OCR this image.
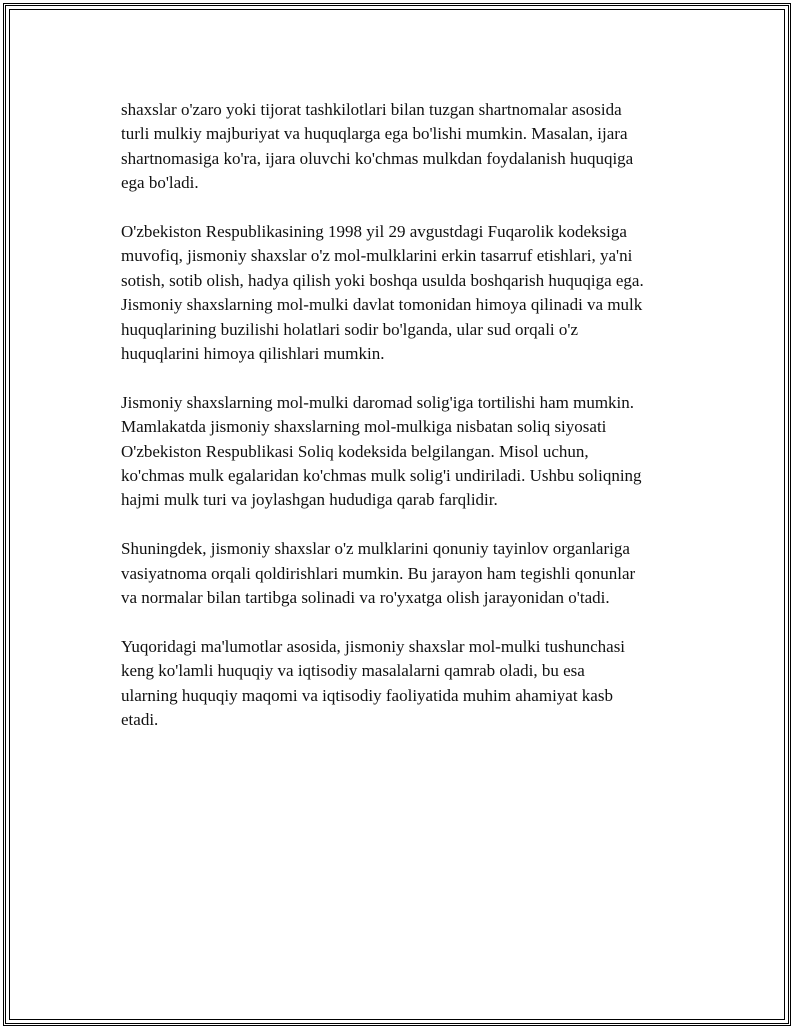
shaxslar o'zaro yoki tijorat tashkilotlari bilan tuzgan shartnomalar asosida
turli mulkiy majburiyat va huquqlarga ega bo'lishi mumkin. Masalan, ijara
shartnomasiga ko'ra, ijara oluvchi ko'chmas mulkdan foydalanish huquqiga
ega bo'ladi.

O'zbekiston Respublikasining 1998 yil 29 avgustdagi Fuqarolik kodeksiga
muvofiq, jismoniy shaxslar o'z mol-mulklarini erkin tasarruf etishlari, ya'ni
sotish, sotib olish, hadya qilish yoki boshqa usulda boshqarish huquqiga ega.
Jismoniy shaxslarning mol-mulki davlat tomonidan himoya qilinadi va mulk
huquqlarining buzilishi holatlari sodir bo'lganda, ular sud orqali o'z
huquqlarini himoya qilishlari mumkin.

Jismoniy shaxslarning mol-mulki daromad solig'iga tortilishi ham mumkin.
Mamlakatda jismoniy shaxslarning mol-mulkiga nisbatan soliq siyosati
O'zbekiston Respublikasi Soliq kodeksida belgilangan. Misol uchun,
ko'chmas mulk egalaridan ko'chmas mulk solig'i undiriladi. Ushbu soliqning
hajmi mulk turi va joylashgan hududiga qarab farqlidir.

Shuningdek, jismoniy shaxslar o'z mulklarini qonuniy tayinlov organlariga
vasiyatnoma orqali qoldirishlari mumkin. Bu jarayon ham tegishli qonunlar
va normalar bilan tartibga solinadi va ro'yxatga olish jarayonidan o'tadi.

Yuqoridagi ma'lumotlar asosida, jismoniy shaxslar mol-mulki tushunchasi
keng ko'lamli huquqiy va iqtisodiy masalalarni qamrab oladi, bu esa
ularning huquqiy maqomi va iqtisodiy faoliyatida muhim ahamiyat kasb
etadi.
